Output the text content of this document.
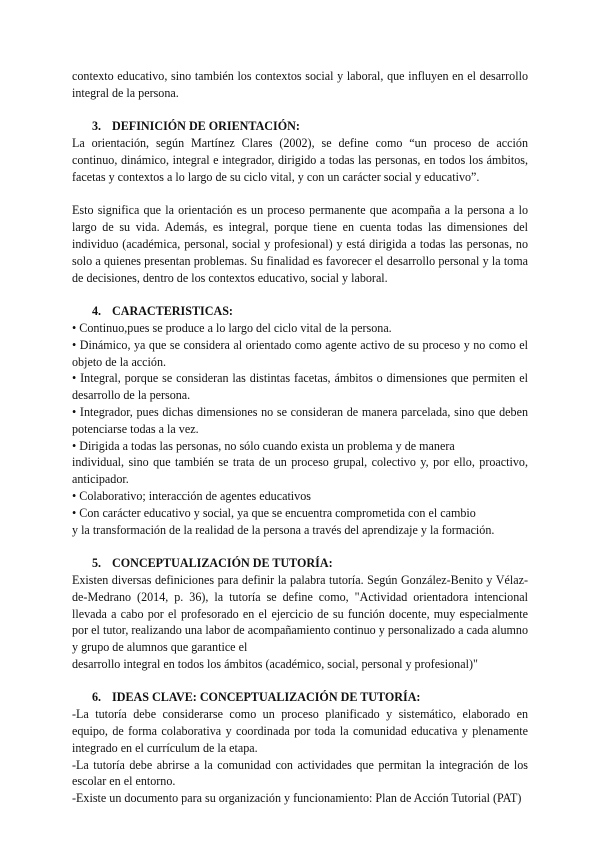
contexto educativo, sino también los contextos social y laboral, que influyen en el desarrollo integral de la persona.

3. DEFINICIÓN DE ORIENTACIÓN:

La orientación, según Martínez Clares (2002), se define como “un proceso de acción continuo, dinámico, integral e integrador, dirigido a todas las personas, en todos los ámbitos, facetas y contextos a lo largo de su ciclo vital, y con un carácter social y educativo”.

Esto significa que la orientación es un proceso permanente que acompaña a la persona a lo largo de su vida. Además, es integral, porque tiene en cuenta todas las dimensiones del individuo (académica, personal, social y profesional) y está dirigida a todas las personas, no solo a quienes presentan problemas. Su finalidad es favorecer el desarrollo personal y la toma de decisiones, dentro de los contextos educativo, social y laboral.

4. CARACTERISTICAS:

• Continuo,pues se produce a lo largo del ciclo vital de la persona.

• Dinámico, ya que se considera al orientado como agente activo de su proceso y no como el objeto de la acción.

• Integral, porque se consideran las distintas facetas, ámbitos o dimensiones que permiten el desarrollo de la persona.

• Integrador, pues dichas dimensiones no se consideran de manera parcelada, sino que deben potenciarse todas a la vez.

• Dirigida a todas las personas, no sólo cuando exista un problema y de manera

individual, sino que también se trata de un proceso grupal, colectivo y, por ello, proactivo, anticipador.

• Colaborativo; interacción de agentes educativos

• Con carácter educativo y social, ya que se encuentra comprometida con el cambio

y la transformación de la realidad de la persona a través del aprendizaje y la formación.

5. CONCEPTUALIZACIÓN DE TUTORÍA:

Existen diversas definiciones para definir la palabra tutoría. Según González-Benito y Vélaz-de-Medrano (2014, p. 36), la tutoría se define como, "Actividad orientadora intencional llevada a cabo por el profesorado en el ejercicio de su función docente, muy especialmente por el tutor, realizando una labor de acompañamiento continuo y personalizado a cada alumno y grupo de alumnos que garantice el

desarrollo integral en todos los ámbitos (académico, social, personal y profesional)"

6. IDEAS CLAVE: CONCEPTUALIZACIÓN DE TUTORÍA:

-La tutoría debe considerarse como un proceso planificado y sistemático, elaborado en equipo, de forma colaborativa y coordinada por toda la comunidad educativa y plenamente integrado en el currículum de la etapa.

-La tutoría debe abrirse a la comunidad con actividades que permitan la integración de los escolar en el entorno.

-Existe un documento para su organización y funcionamiento: Plan de Acción Tutorial (PAT)
